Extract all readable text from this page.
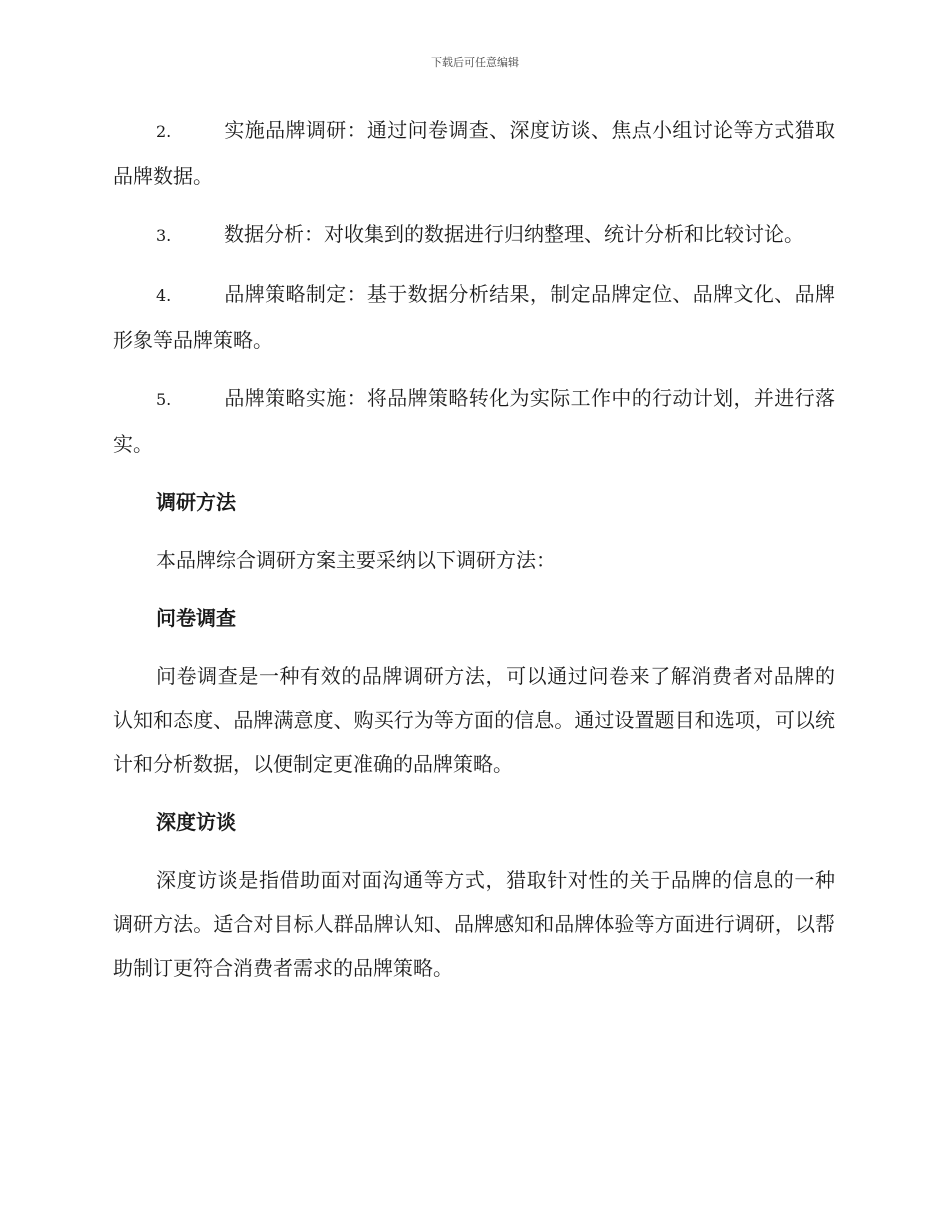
下载后可任意编辑

2.	实施品牌调研：通过问卷调查、深度访谈、焦点小组讨论等方式猎取品牌数据。

3.	数据分析：对收集到的数据进行归纳整理、统计分析和比较讨论。

4.	品牌策略制定：基于数据分析结果，制定品牌定位、品牌文化、品牌形象等品牌策略。

5.	品牌策略实施：将品牌策略转化为实际工作中的行动计划，并进行落实。

调研方法

本品牌综合调研方案主要采纳以下调研方法：

问卷调查

问卷调查是一种有效的品牌调研方法，可以通过问卷来了解消费者对品牌的认知和态度、品牌满意度、购买行为等方面的信息。通过设置题目和选项，可以统计和分析数据，以便制定更准确的品牌策略。

深度访谈

深度访谈是指借助面对面沟通等方式，猎取针对性的关于品牌的信息的一种调研方法。适合对目标人群品牌认知、品牌感知和品牌体验等方面进行调研，以帮助制订更符合消费者需求的品牌策略。
